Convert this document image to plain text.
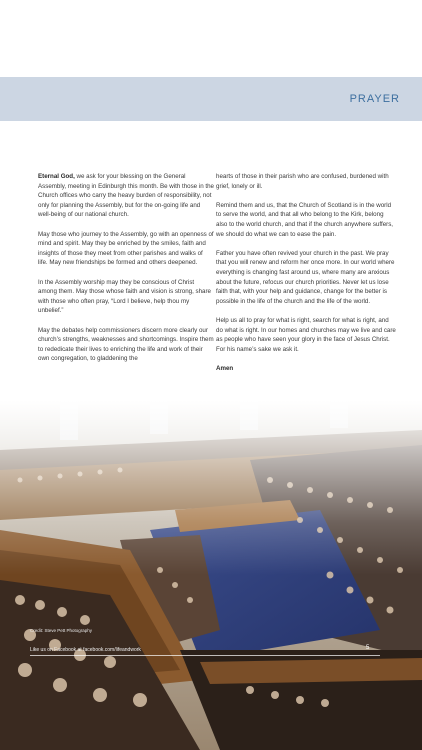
PRAYER

Eternal God, we ask for your blessing on the General Assembly, meeting in Edinburgh this month. Be with those in the Church offices who carry the heavy burden of responsibility, not only for planning the Assembly, but for the on-going life and well-being of our national church.

May those who journey to the Assembly, go with an openness of mind and spirit. May they be enriched by the smiles, faith and insights of those they meet from other parishes and walks of life. May new friendships be formed and others deepened.

In the Assembly worship may they be conscious of Christ among them. May those whose faith and vision is strong, share with those who often pray, “Lord I believe, help thou my unbelief.”

May the debates help commissioners discern more clearly our church’s strengths, weaknesses and shortcomings. Inspire them to rededicate their lives to enriching the life and work of their own congregation, to gladdening the

hearts of those in their parish who are confused, burdened with grief, lonely or ill.

Remind them and us, that the Church of Scotland is in the world to serve the world, and that all who belong to the Kirk, belong also to the world church, and that if the church anywhere suffers, we should do what we can to ease the pain.

Father you have often revived your church in the past. We pray that you will renew and reform her once more. In our world where everything is changing fast around us, where many are anxious about the future, refocus our church priorities. Never let us lose faith that, with your help and guidance, change for the better is possible in the life of the church and the life of the world.

Help us all to pray for what is right, search for what is right, and do what is right. In our homes and churches may we live and care as people who have seen your glory in the face of Jesus Christ.

For his name’s sake we ask it.

Amen

Credit: Steve Pett Photography
Like us on Facebook at facebook.com/lifeandwork	5
